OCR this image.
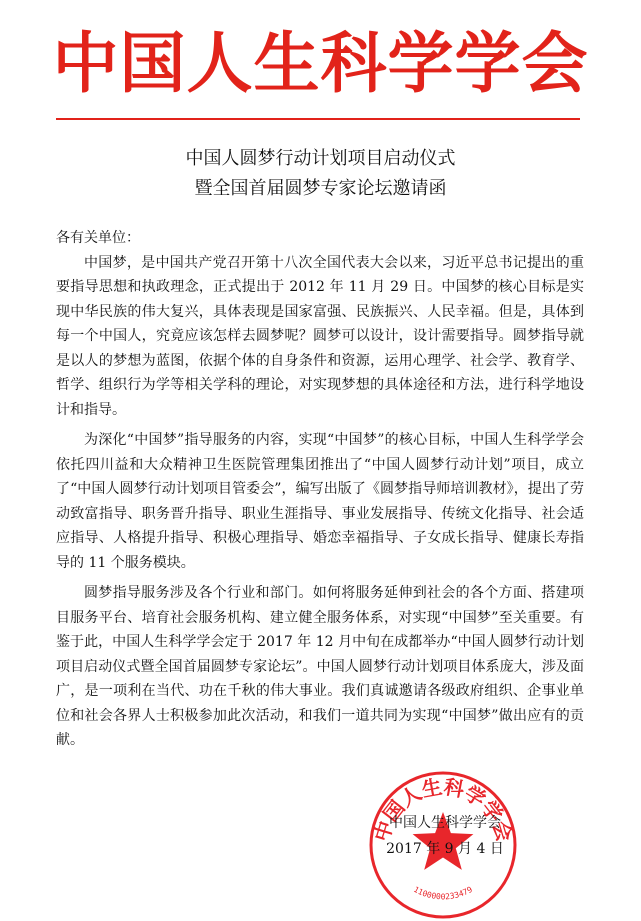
中国人生科学学会
中国人圆梦行动计划项目启动仪式
暨全国首届圆梦专家论坛邀请函

各有关单位：

中国梦，是中国共产党召开第十八次全国代表大会以来，习近平总书记提出的重要指导思想和执政理念，正式提出于 2012 年 11 月 29 日。中国梦的核心目标是实现中华民族的伟大复兴，具体表现是国家富强、民族振兴、人民幸福。但是，具体到每一个中国人，究竟应该怎样去圆梦呢？圆梦可以设计，设计需要指导。圆梦指导就是以人的梦想为蓝图，依据个体的自身条件和资源，运用心理学、社会学、教育学、哲学、组织行为学等相关学科的理论，对实现梦想的具体途径和方法，进行科学地设计和指导。

为深化“中国梦”指导服务的内容，实现“中国梦”的核心目标，中国人生科学学会依托四川益和大众精神卫生医院管理集团推出了“中国人圆梦行动计划”项目，成立了“中国人圆梦行动计划项目管委会”，编写出版了《圆梦指导师培训教材》，提出了劳动致富指导、职务晋升指导、职业生涯指导、事业发展指导、传统文化指导、社会适应指导、人格提升指导、积极心理指导、婚恋幸福指导、子女成长指导、健康长寿指导的 11 个服务模块。

圆梦指导服务涉及各个行业和部门。如何将服务延伸到社会的各个方面、搭建项目服务平台、培育社会服务机构、建立健全服务体系，对实现“中国梦”至关重要。有鉴于此，中国人生科学学会定于 2017 年 12 月中旬在成都举办“中国人圆梦行动计划项目启动仪式暨全国首届圆梦专家论坛”。中国人圆梦行动计划项目体系庞大，涉及面广，是一项利在当代、功在千秋的伟大事业。我们真诚邀请各级政府组织、企事业单位和社会各界人士积极参加此次活动，和我们一道共同为实现“中国梦”做出应有的贡献。

中国人生科学学会
1100000233479
中国人生科学学会
2017 年 9 月 4 日
